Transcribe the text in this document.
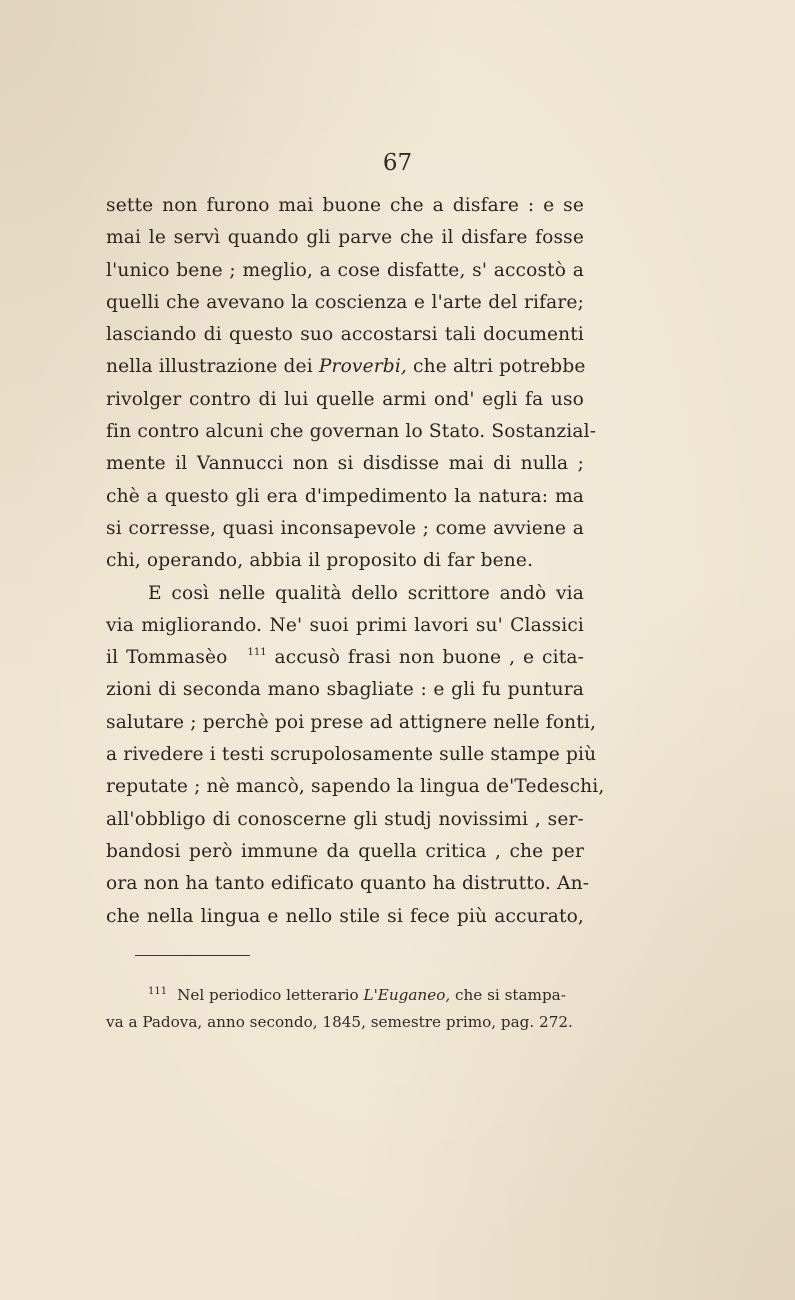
67
sette non furono mai buone che a disfare : e se
mai le servì quando gli parve che il disfare fosse
l'unico bene ; meglio, a cose disfatte, s' accostò a
quelli che avevano la coscienza e l'arte del rifare;
lasciando di questo suo accostarsi tali documenti
nella illustrazione dei Proverbi, che altri potrebbe
rivolger contro di lui quelle armi ond' egli fa uso
fin contro alcuni che governan lo Stato. Sostanzial-
mente il Vannucci non si disdisse mai di nulla ;
chè a questo gli era d'impedimento la natura: ma
si corresse, quasi inconsapevole ; come avviene a
chi, operando, abbia il proposito di far bene.
E così nelle qualità dello scrittore andò via
via migliorando. Ne' suoi primi lavori su' Classici
il Tommasèo $^{111}$ accusò frasi non buone , e cita-
zioni di seconda mano sbagliate : e gli fu puntura
salutare ; perchè poi prese ad attignere nelle fonti,
a rivedere i testi scrupolosamente sulle stampe più
reputate ; nè mancò, sapendo la lingua de'Tedeschi,
all'obbligo di conoscerne gli studj novissimi , ser-
bandosi però immune da quella critica , che per
ora non ha tanto edificato quanto ha distrutto. An-
che nella lingua e nello stile si fece più accurato,
$^{111}$ Nel periodico letterario L'Euganeo, che si stampa-
va a Padova, anno secondo, 1845, semestre primo, pag. 272.
